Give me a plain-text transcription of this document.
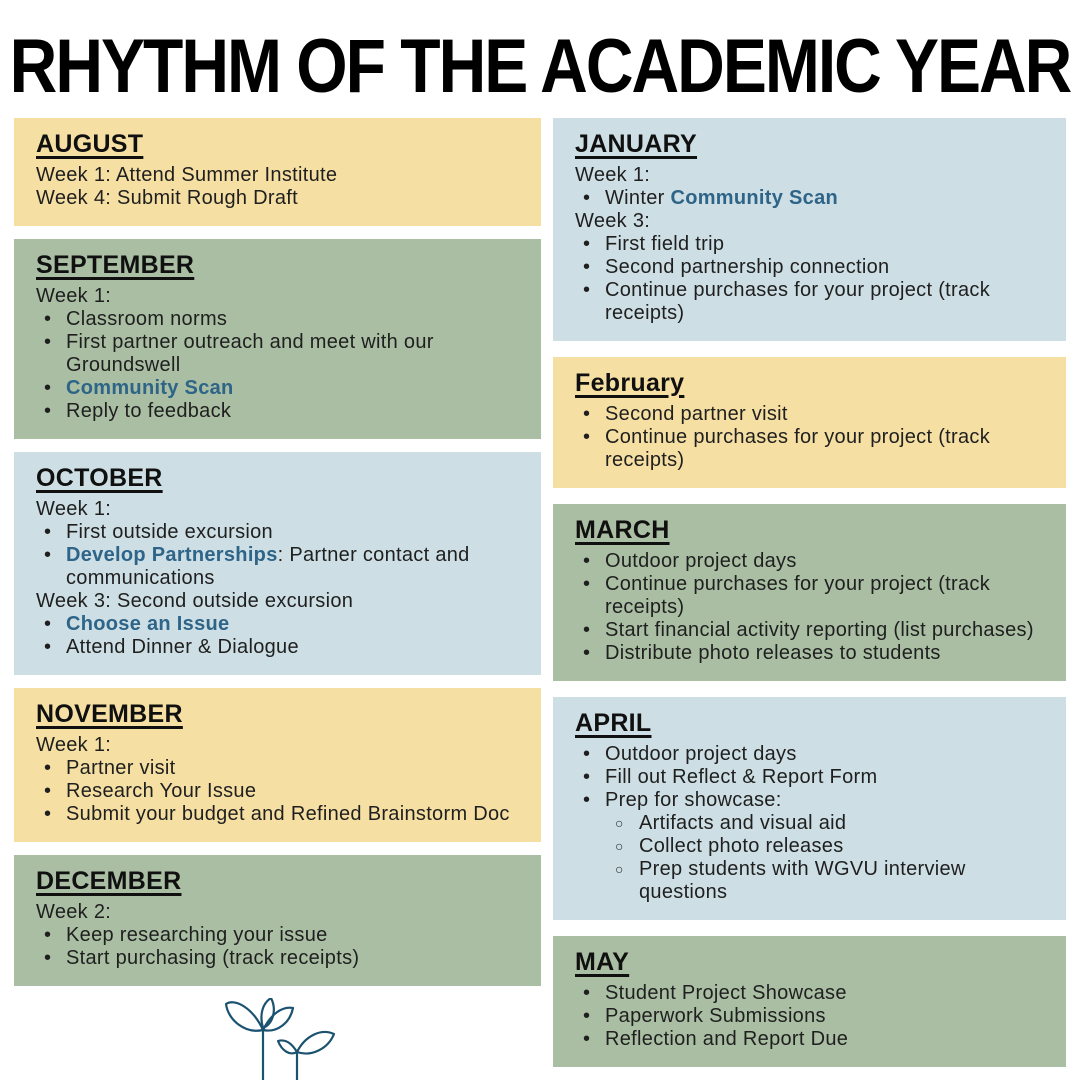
RHYTHM OF THE ACADEMIC YEAR
AUGUST
Week 1: Attend Summer Institute
Week 4: Submit Rough Draft
SEPTEMBER
Week 1:
• Classroom norms
• First partner outreach and meet with our Groundswell
• Community Scan
• Reply to feedback
OCTOBER
Week 1:
• First outside excursion
• Develop Partnerships: Partner contact and communications
Week 3: Second outside excursion
• Choose an Issue
• Attend Dinner & Dialogue
NOVEMBER
Week 1:
• Partner visit
• Research Your Issue
• Submit your budget and Refined Brainstorm Doc
DECEMBER
Week 2:
• Keep researching your issue
• Start purchasing (track receipts)
JANUARY
Week 1:
• Winter Community Scan
Week 3:
• First field trip
• Second partnership connection
• Continue purchases for your project (track receipts)
February
• Second partner visit
• Continue purchases for your project (track receipts)
MARCH
• Outdoor project days
• Continue purchases for your project (track receipts)
• Start financial activity reporting (list purchases)
• Distribute photo releases to students
APRIL
• Outdoor project days
• Fill out Reflect & Report Form
• Prep for showcase:
○ Artifacts and visual aid
○ Collect photo releases
○ Prep students with WGVU interview questions
MAY
• Student Project Showcase
• Paperwork Submissions
• Reflection and Report Due
